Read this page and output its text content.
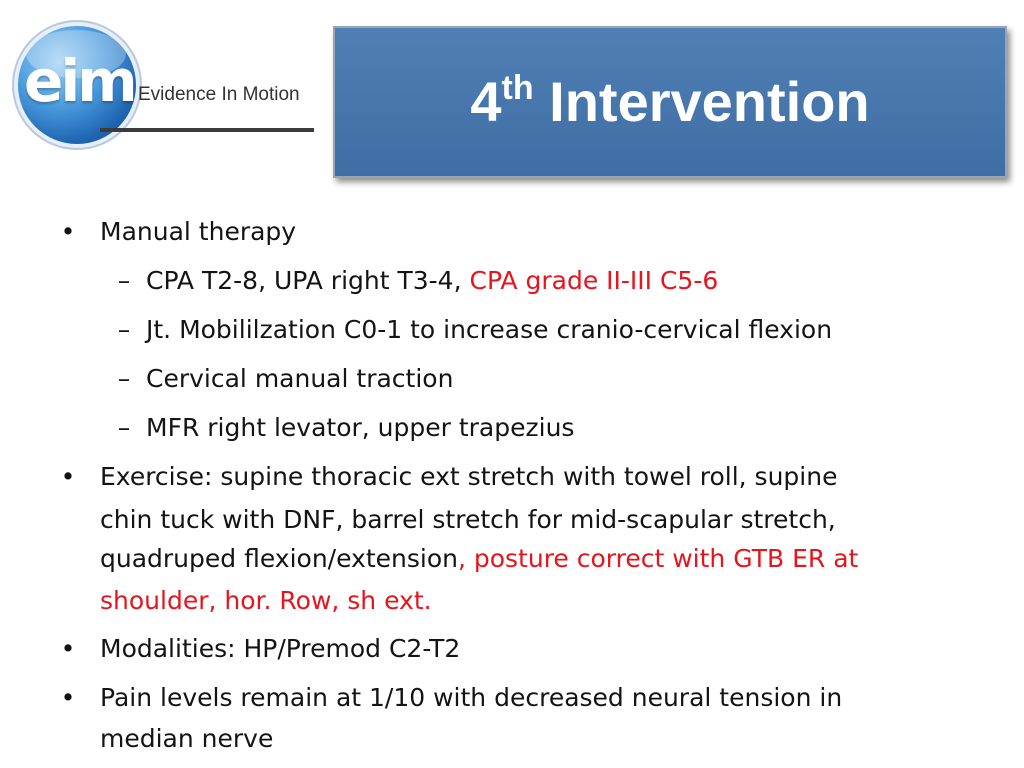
eim Evidence In Motion	4th Intervention
• Manual therapy
– CPA T2-8, UPA right T3-4, CPA grade II-III C5-6
– Jt. Mobililzation C0-1 to increase cranio-cervical flexion
– Cervical manual traction
– MFR right levator, upper trapezius
• Exercise: supine thoracic ext stretch with towel roll, supine
chin tuck with DNF, barrel stretch for mid-scapular stretch,
quadruped flexion/extension, posture correct with GTB ER at
shoulder, hor. Row, sh ext.
• Modalities: HP/Premod C2-T2
• Pain levels remain at 1/10 with decreased neural tension in
median nerve
